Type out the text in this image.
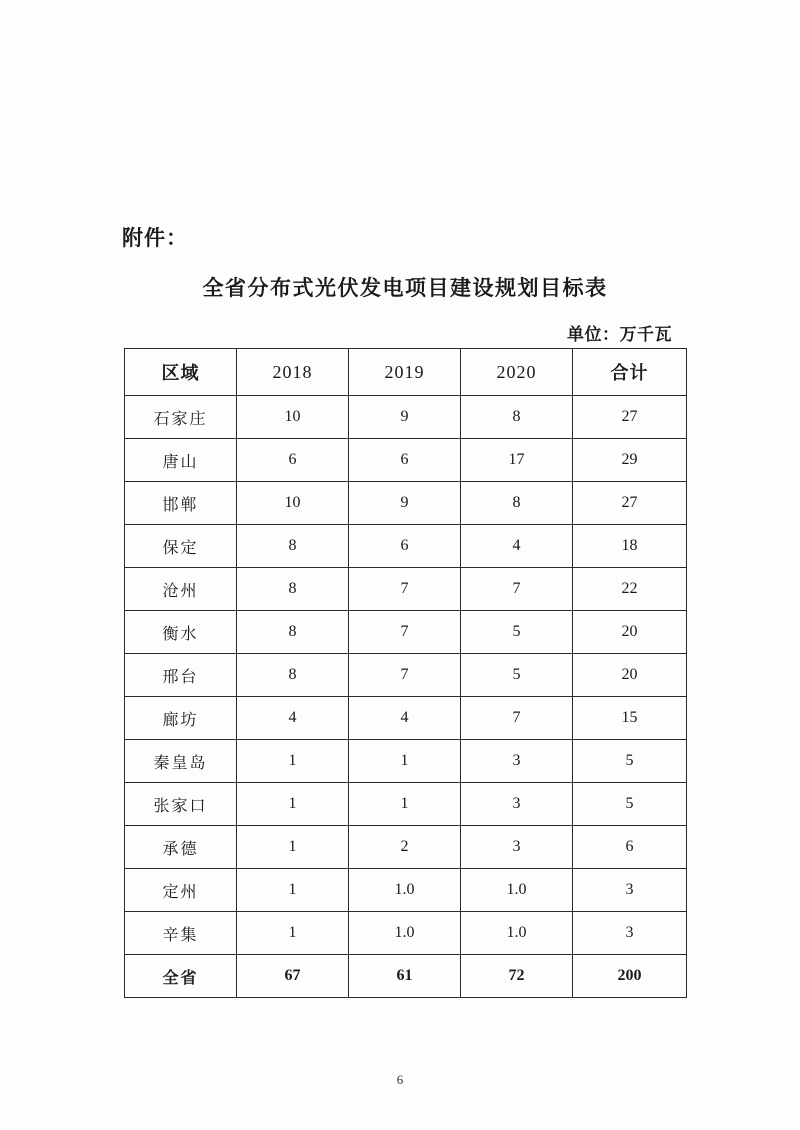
附件：
全省分布式光伏发电项目建设规划目标表
单位：万千瓦
区域	2018	2019	2020	合计
石家庄	10	9	8	27
唐山	6	6	17	29
邯郸	10	9	8	27
保定	8	6	4	18
沧州	8	7	7	22
衡水	8	7	5	20
邢台	8	7	5	20
廊坊	4	4	7	15
秦皇岛	1	1	3	5
张家口	1	1	3	5
承德	1	2	3	6
定州	1	1.0	1.0	3
辛集	1	1.0	1.0	3
全省	67	61	72	200
6
